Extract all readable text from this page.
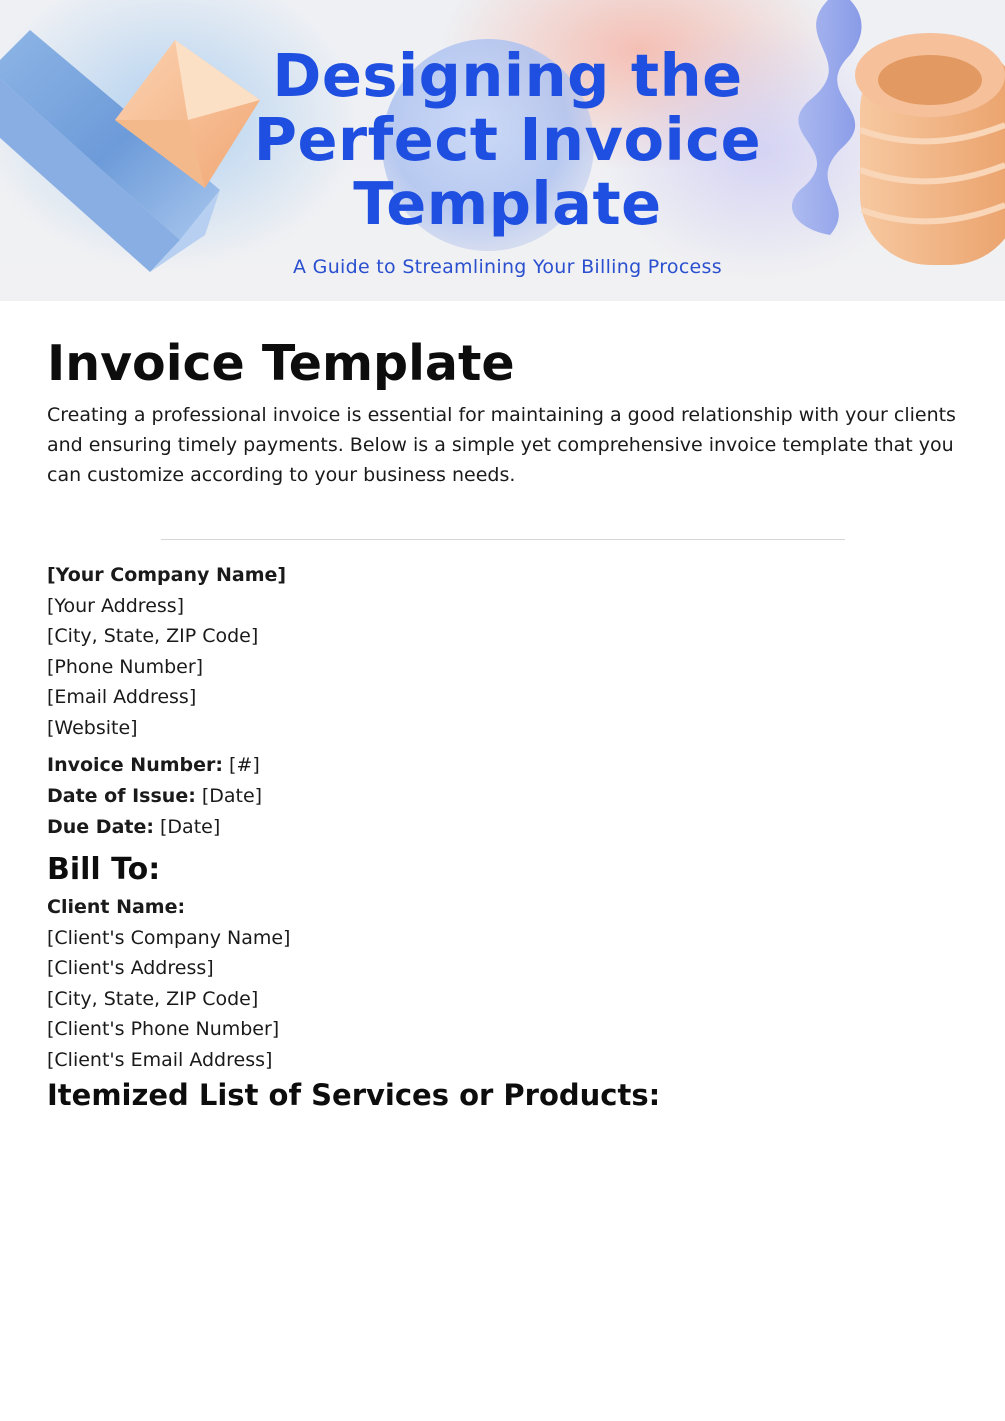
Designing the
Perfect Invoice
Template
A Guide to Streamlining Your Billing Process
Invoice Template

Creating a professional invoice is essential for maintaining a good relationship with your clients and ensuring timely payments. Below is a simple yet comprehensive invoice template that you can customize according to your business needs.

[Your Company Name]

[Your Address]

[City, State, ZIP Code]

[Phone Number]

[Email Address]

[Website]

Invoice Number: [#]

Date of Issue: [Date]

Due Date: [Date]

Bill To:

Client Name:

[Client's Company Name]

[Client's Address]

[City, State, ZIP Code]

[Client's Phone Number]

[Client's Email Address]

Itemized List of Services or Products:
